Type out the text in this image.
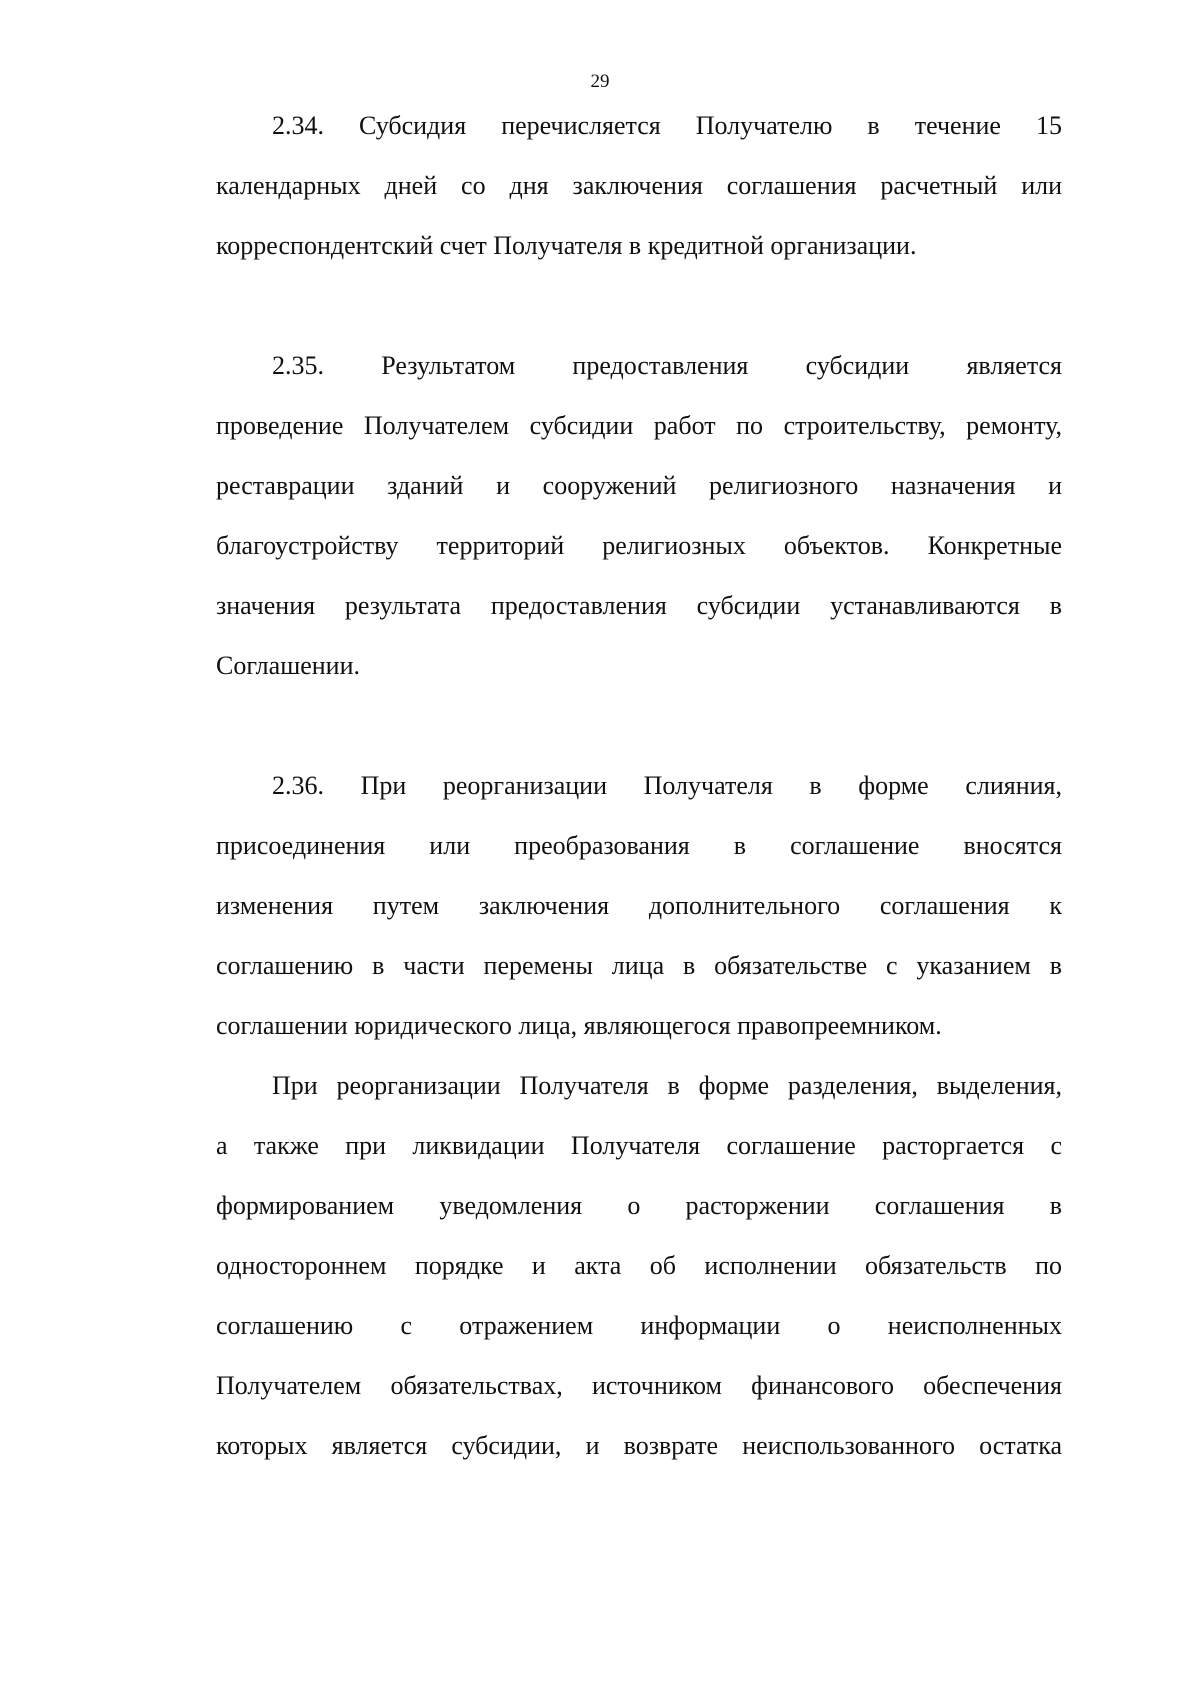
29
2.34. Субсидия перечисляется Получателю в течение 15
календарных дней со дня заключения соглашения расчетный или
корреспондентский счет Получателя в кредитной организации.
2.35. Результатом предоставления субсидии является
проведение Получателем субсидии работ по строительству, ремонту,
реставрации зданий и сооружений религиозного назначения и
благоустройству территорий религиозных объектов. Конкретные
значения результата предоставления субсидии устанавливаются в
Соглашении.
2.36. При реорганизации Получателя в форме слияния,
присоединения или преобразования в соглашение вносятся
изменения путем заключения дополнительного соглашения к
соглашению в части перемены лица в обязательстве с указанием в
соглашении юридического лица, являющегося правопреемником.
При реорганизации Получателя в форме разделения, выделения,
а также при ликвидации Получателя соглашение расторгается с
формированием уведомления о расторжении соглашения в
одностороннем порядке и акта об исполнении обязательств по
соглашению с отражением информации о неисполненных
Получателем обязательствах, источником финансового обеспечения
которых является субсидии, и возврате неиспользованного остатка
